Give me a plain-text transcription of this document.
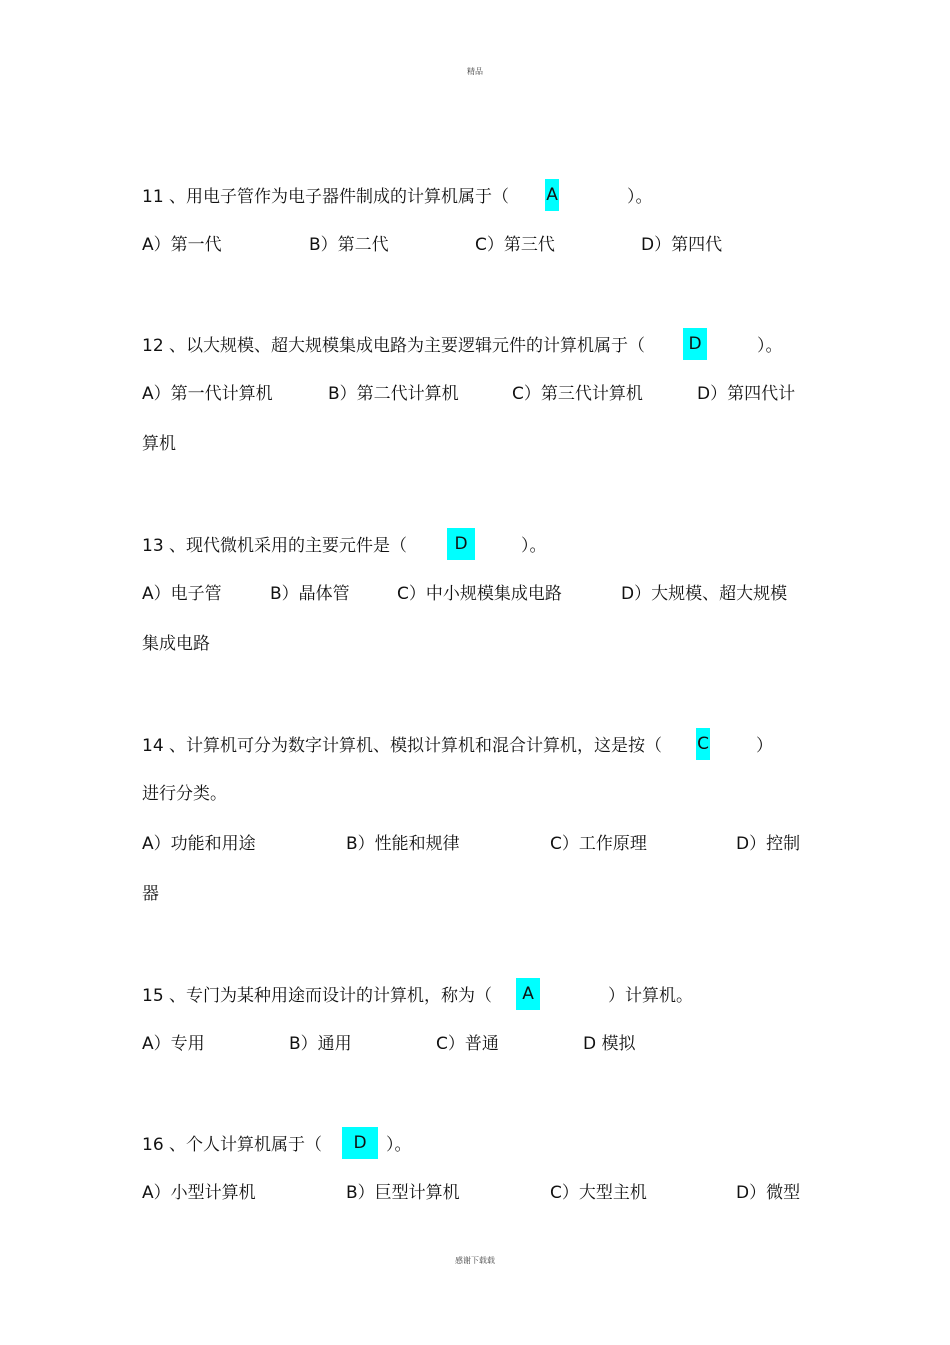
精品
11 、用电子管作为电子器件制成的计算机属于（ A	）。
A）第一代	B）第二代	C）第三代	D）第四代
12 、以大规模、超大规模集成电路为主要逻辑元件的计算机属于（	D	）。
A）第一代计算机	B）第二代计算机	C）第三代计算机	D）第四代计
算机
13 、现代微机采用的主要元件是（	D	）。
A）电子管	B）晶体管	C）中小规模集成电路	D）大规模、超大规模
集成电路
14 、计算机可分为数字计算机、模拟计算机和混合计算机，这是按（ C	）
进行分类。
A）功能和用途	B）性能和规律	C）工作原理	D）控制
器
15 、专门为某种用途而设计的计算机，称为（ A	）计算机。
A）专用	B）通用	C）普通	D 模拟
16 、个人计算机属于（ D ）。
A）小型计算机	B）巨型计算机	C）大型主机	D）微型
感谢下载载
